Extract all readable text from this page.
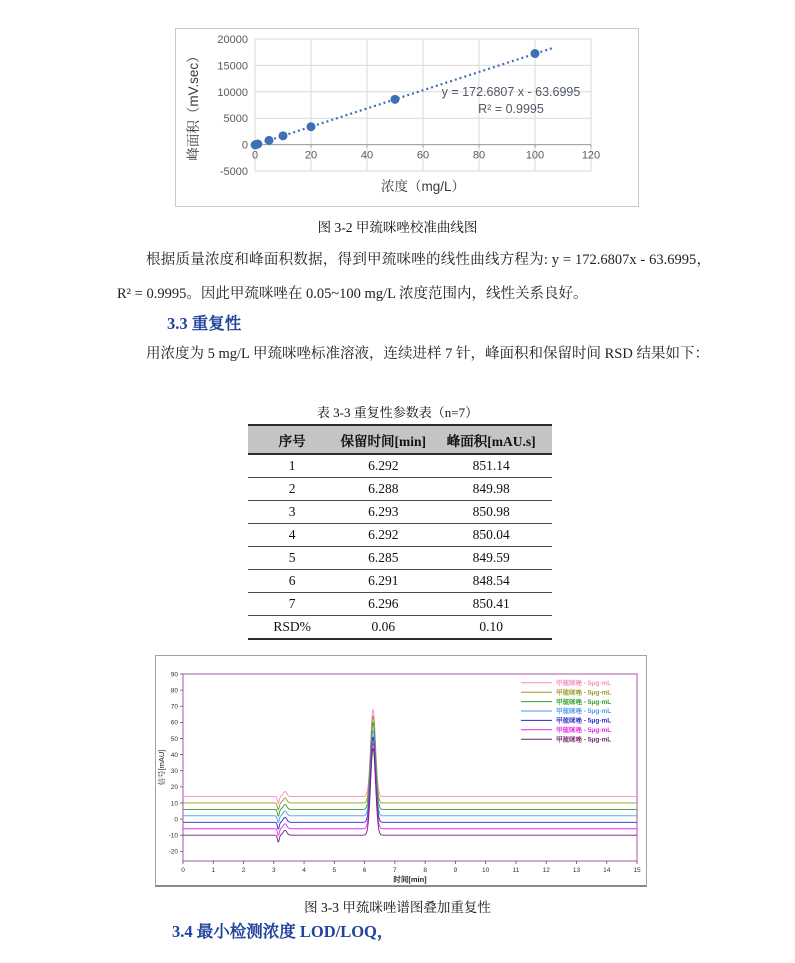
-5000
0
5000
10000
15000
20000
0	20	40	60	80	100	120
y = 172.6807 x - 63.6995
R² = 0.9995
浓度（mg/L）
峰面积（mV.sec）
图 3-2 甲巯咪唑校准曲线图

根据质量浓度和峰面积数据，得到甲巯咪唑的线性曲线方程为: y = 172.6807x - 63.6995，R² = 0.9995。因此甲巯咪唑在 0.05~100 mg/L 浓度范围内，线性关系良好。

3.3 重复性

用浓度为 5 mg/L 甲巯咪唑标准溶液，连续进样 7 针，峰面积和保留时间 RSD 结果如下：

表 3-3 重复性参数表（n=7）
序号	保留时间[min]	峰面积[mAU.s]
1	6.292	851.14
2	6.288	849.98
3	6.293	850.98
4	6.292	850.04
5	6.285	849.59
6	6.291	848.54
7	6.296	850.41
RSD%	0.06	0.10
-20
-10
0
10
20
30
40
50
60
70
80
90
0	1	2	3	4	5	6	7	8	9	10	11	12	13	14	15
时间[min]
信号[mAU]
甲巯咪唑 - 5μg·mL
甲巯咪唑 - 5μg·mL
甲巯咪唑 - 5μg·mL
甲巯咪唑 - 5μg·mL
甲巯咪唑 - 5μg·mL
甲巯咪唑 - 5μg·mL
甲巯咪唑 - 5μg·mL
图 3-3 甲巯咪唑谱图叠加重复性
3.4 最小检测浓度 LOD/LOQ，
